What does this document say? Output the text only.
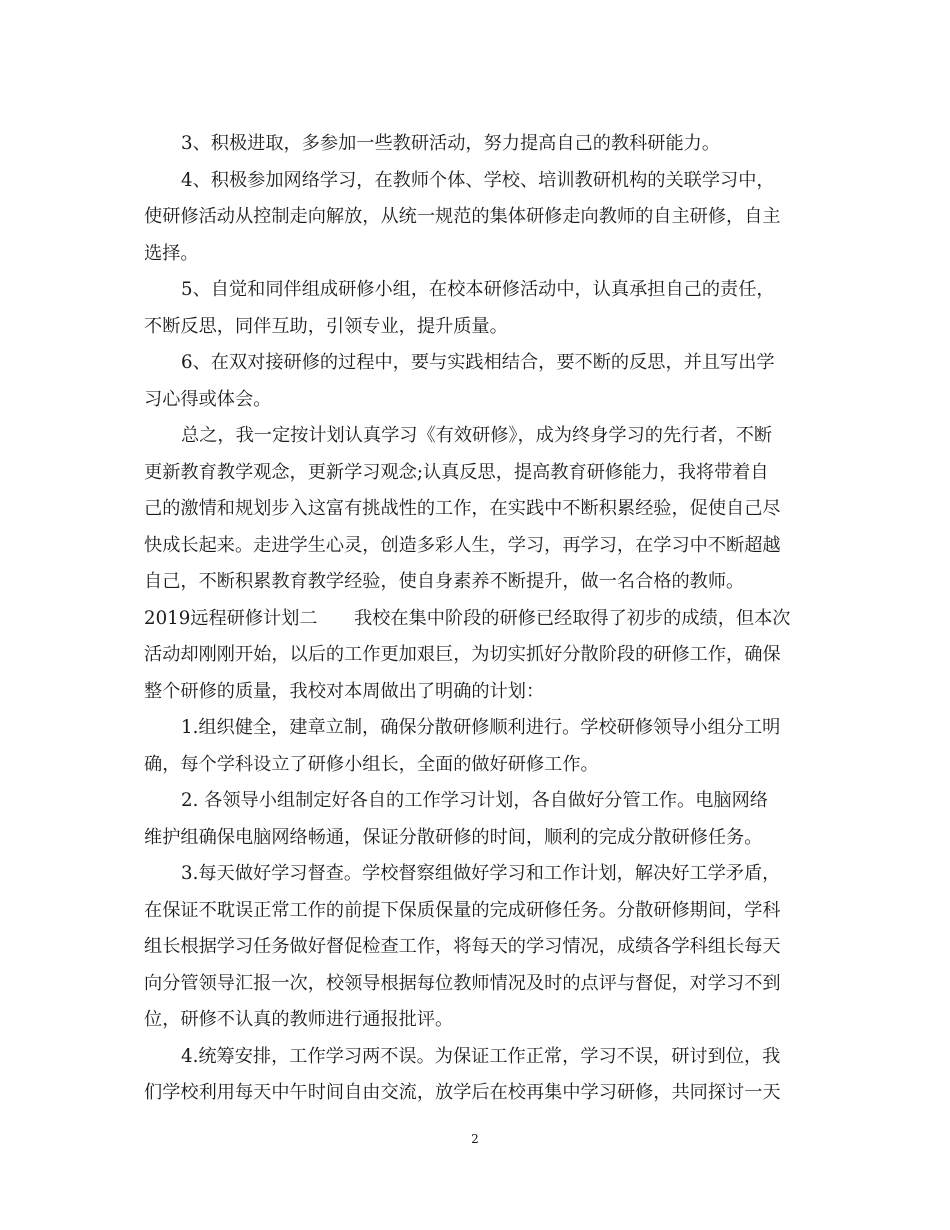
3、积极进取，多参加一些教研活动，努力提高自己的教科研能力。
4、积极参加网络学习，在教师个体、学校、培训教研机构的关联学习中，
使研修活动从控制走向解放，从统一规范的集体研修走向教师的自主研修，自主
选择。
5、自觉和同伴组成研修小组，在校本研修活动中，认真承担自己的责任，
不断反思，同伴互助，引领专业，提升质量。
6、在双对接研修的过程中，要与实践相结合，要不断的反思，并且写出学
习心得或体会。
总之，我一定按计划认真学习《有效研修》，成为终身学习的先行者，不断
更新教育教学观念，更新学习观念;认真反思，提高教育研修能力，我将带着自
己的激情和规划步入这富有挑战性的工作，在实践中不断积累经验，促使自己尽
快成长起来。走进学生心灵，创造多彩人生，学习，再学习，在学习中不断超越
自己，不断积累教育教学经验，使自身素养不断提升，做一名合格的教师。
2019远程研修计划二　　我校在集中阶段的研修已经取得了初步的成绩，但本次
活动却刚刚开始，以后的工作更加艰巨，为切实抓好分散阶段的研修工作，确保
整个研修的质量，我校对本周做出了明确的计划：
1.组织健全，建章立制，确保分散研修顺利进行。学校研修领导小组分工明
确，每个学科设立了研修小组长，全面的做好研修工作。
2. 各领导小组制定好各自的工作学习计划，各自做好分管工作。电脑网络
维护组确保电脑网络畅通，保证分散研修的时间，顺利的完成分散研修任务。
3.每天做好学习督查。学校督察组做好学习和工作计划，解决好工学矛盾，
在保证不耽误正常工作的前提下保质保量的完成研修任务。分散研修期间，学科
组长根据学习任务做好督促检查工作，将每天的学习情况，成绩各学科组长每天
向分管领导汇报一次，校领导根据每位教师情况及时的点评与督促，对学习不到
位，研修不认真的教师进行通报批评。
4.统筹安排，工作学习两不误。为保证工作正常，学习不误，研讨到位，我
们学校利用每天中午时间自由交流，放学后在校再集中学习研修，共同探讨一天
2
